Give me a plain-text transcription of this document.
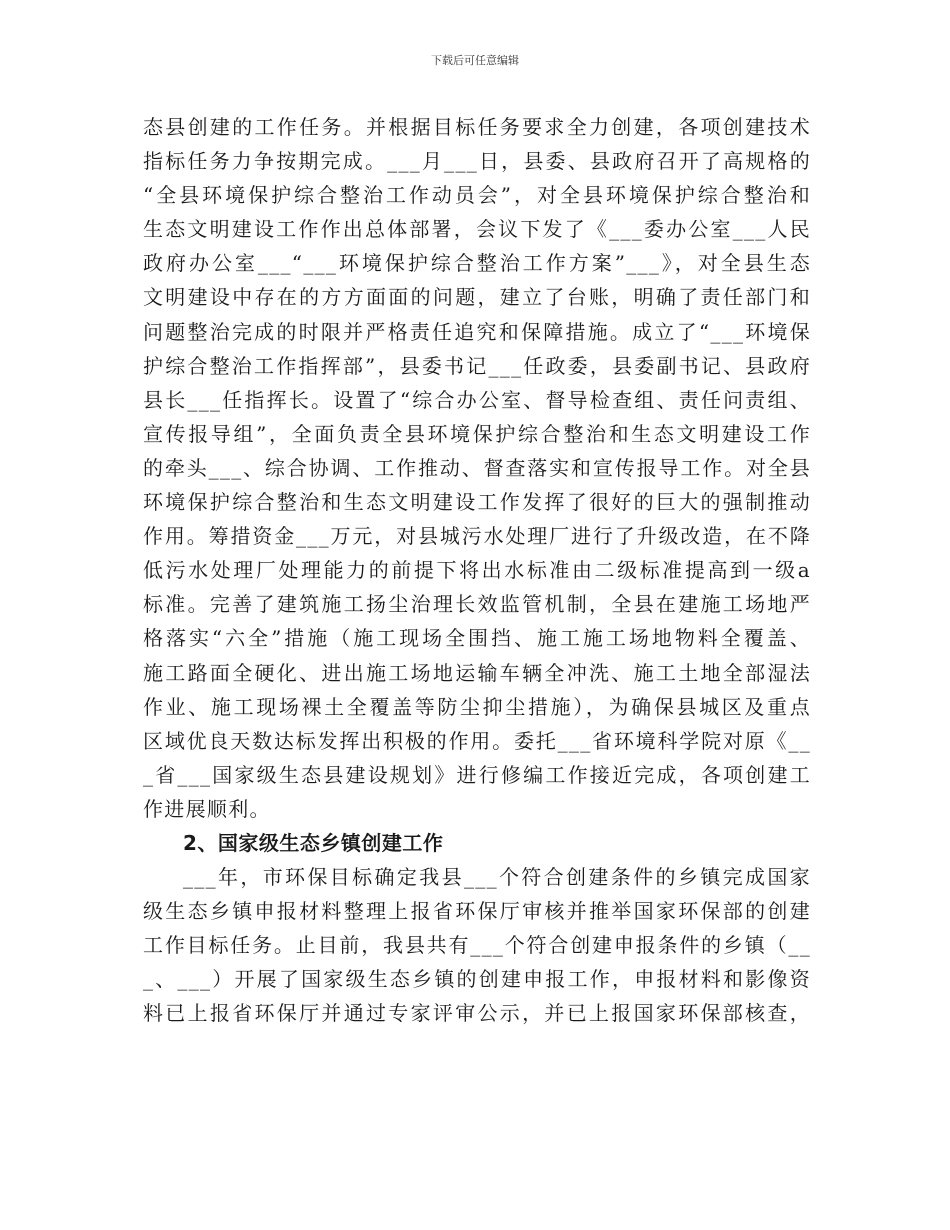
下载后可任意编辑
态县创建的工作任务。并根据目标任务要求全力创建，各项创建技术
指标任务力争按期完成。___月___日，县委、县政府召开了高规格的
“全县环境保护综合整治工作动员会”，对全县环境保护综合整治和
生态文明建设工作作出总体部署，会议下发了《___委办公室___人民
政府办公室___“___环境保护综合整治工作方案”___》，对全县生态
文明建设中存在的方方面面的问题，建立了台账，明确了责任部门和
问题整治完成的时限并严格责任追究和保障措施。成立了“___环境保
护综合整治工作指挥部”，县委书记___任政委，县委副书记、县政府
县长___任指挥长。设置了“综合办公室、督导检查组、责任问责组、
宣传报导组”，全面负责全县环境保护综合整治和生态文明建设工作
的牵头___、综合协调、工作推动、督查落实和宣传报导工作。对全县
环境保护综合整治和生态文明建设工作发挥了很好的巨大的强制推动
作用。筹措资金___万元，对县城污水处理厂进行了升级改造，在不降
低污水处理厂处理能力的前提下将出水标准由二级标准提高到一级a
标准。完善了建筑施工扬尘治理长效监管机制，全县在建施工场地严
格落实“六全”措施（施工现场全围挡、施工施工场地物料全覆盖、
施工路面全硬化、进出施工场地运输车辆全冲洗、施工土地全部湿法
作业、施工现场裸土全覆盖等防尘抑尘措施），为确保县城区及重点
区域优良天数达标发挥出积极的作用。委托___省环境科学院对原《__
_省___国家级生态县建设规划》进行修编工作接近完成，各项创建工
作进展顺利。
2、国家级生态乡镇创建工作
___年，市环保目标确定我县___个符合创建条件的乡镇完成国家
级生态乡镇申报材料整理上报省环保厅审核并推举国家环保部的创建
工作目标任务。止目前，我县共有___个符合创建申报条件的乡镇（__
_、___）开展了国家级生态乡镇的创建申报工作，申报材料和影像资
料已上报省环保厅并通过专家评审公示，并已上报国家环保部核查，
